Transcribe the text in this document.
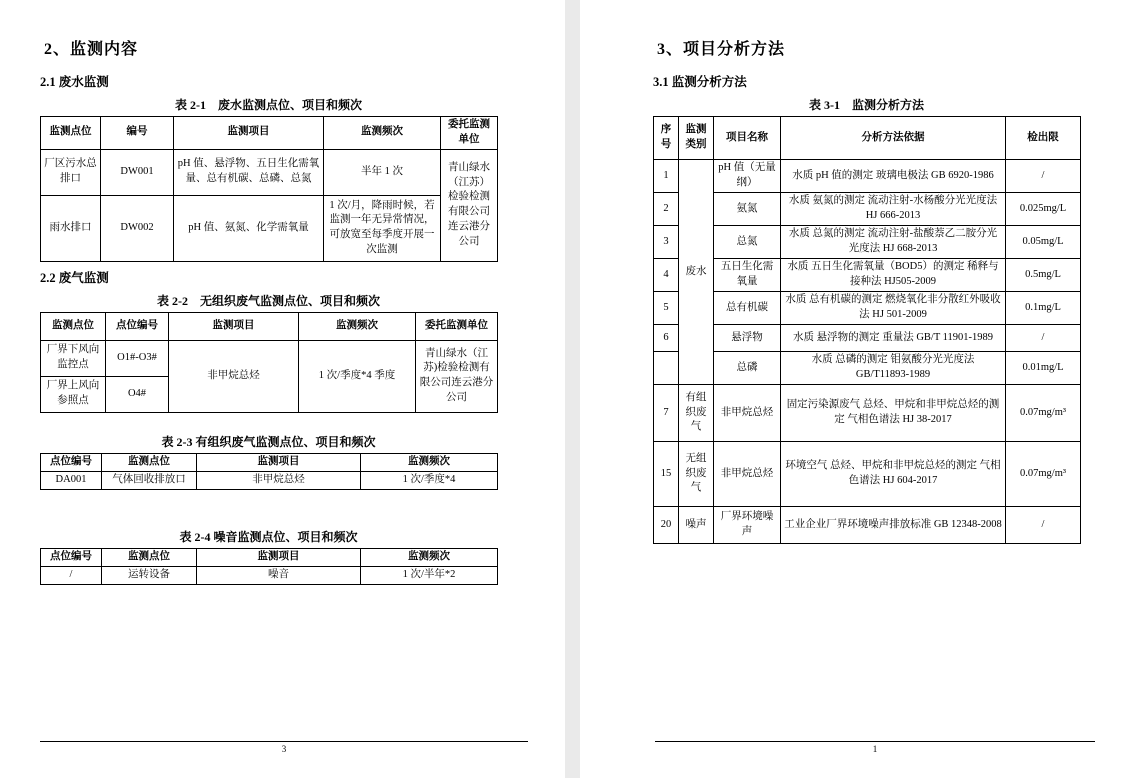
2、监测内容
2.1 废水监测
表 2-1　废水监测点位、项目和频次
监测点位	编号	监测项目	监测频次	委托监测单位
厂区污水总排口	DW001	pH 值、悬浮物、五日生化需氧量、总有机碳、总磷、总氮	半年 1 次	青山绿水（江苏）检验检测有限公司连云港分公司
雨水排口	DW002	pH 值、氨氮、化学需氧量	1 次/月，降雨时候，若监测一年无异常情况，可放宽至每季度开展一次监测	
2.2 废气监测
表 2-2　无组织废气监测点位、项目和频次
监测点位	点位编号	监测项目	监测频次	委托监测单位
厂界下风向监控点	O1#-O3#	非甲烷总烃	1 次/季度*4 季度	青山绿水（江苏)检验检测有限公司连云港分公司
厂界上风向参照点	O4#			
表 2-3 有组织废气监测点位、项目和频次
点位编号	监测点位	监测项目	监测频次
DA001	气体回收排放口	非甲烷总烃	1 次/季度*4
表 2-4 噪音监测点位、项目和频次
点位编号	监测点位	监测项目	监测频次
/	运转设备	噪音	1 次/半年*2
3
3、项目分析方法
3.1 监测分析方法
表 3-1　监测分析方法
序号	监测类别	项目名称	分析方法依据	检出限
1	废水	pH 值（无量纲）	水质 pH 值的测定 玻璃电极法 GB 6920-1986	/
2		氨氮	水质 氨氮的测定 流动注射-水杨酸分光光度法 HJ 666-2013	0.025mg/L
3		总氮	水质 总氮的测定 流动注射-盐酸萘乙二胺分光光度法 HJ 668-2013	0.05mg/L
4		五日生化需氧量	水质 五日生化需氧量（BOD5）的测定 稀释与接种法 HJ505-2009	0.5mg/L
5		总有机碳	水质 总有机碳的测定 燃烧氧化非分散红外吸收法 HJ 501-2009	0.1mg/L
6		悬浮物	水质 悬浮物的测定 重量法 GB/T 11901-1989	/
		总磷	水质 总磷的测定 钼氨酸分光光度法 GB/T11893-1989	0.01mg/L
7	有组织废气	非甲烷总烃	固定污染源废气 总烃、甲烷和非甲烷总烃的测定 气相色谱法 HJ 38-2017	0.07mg/m³
15	无组织废气	非甲烷总烃	环境空气 总烃、甲烷和非甲烷总烃的测定 气相色谱法 HJ 604-2017	0.07mg/m³
20	噪声	厂界环境噪声	工业企业厂界环境噪声排放标准 GB 12348-2008	/
1
